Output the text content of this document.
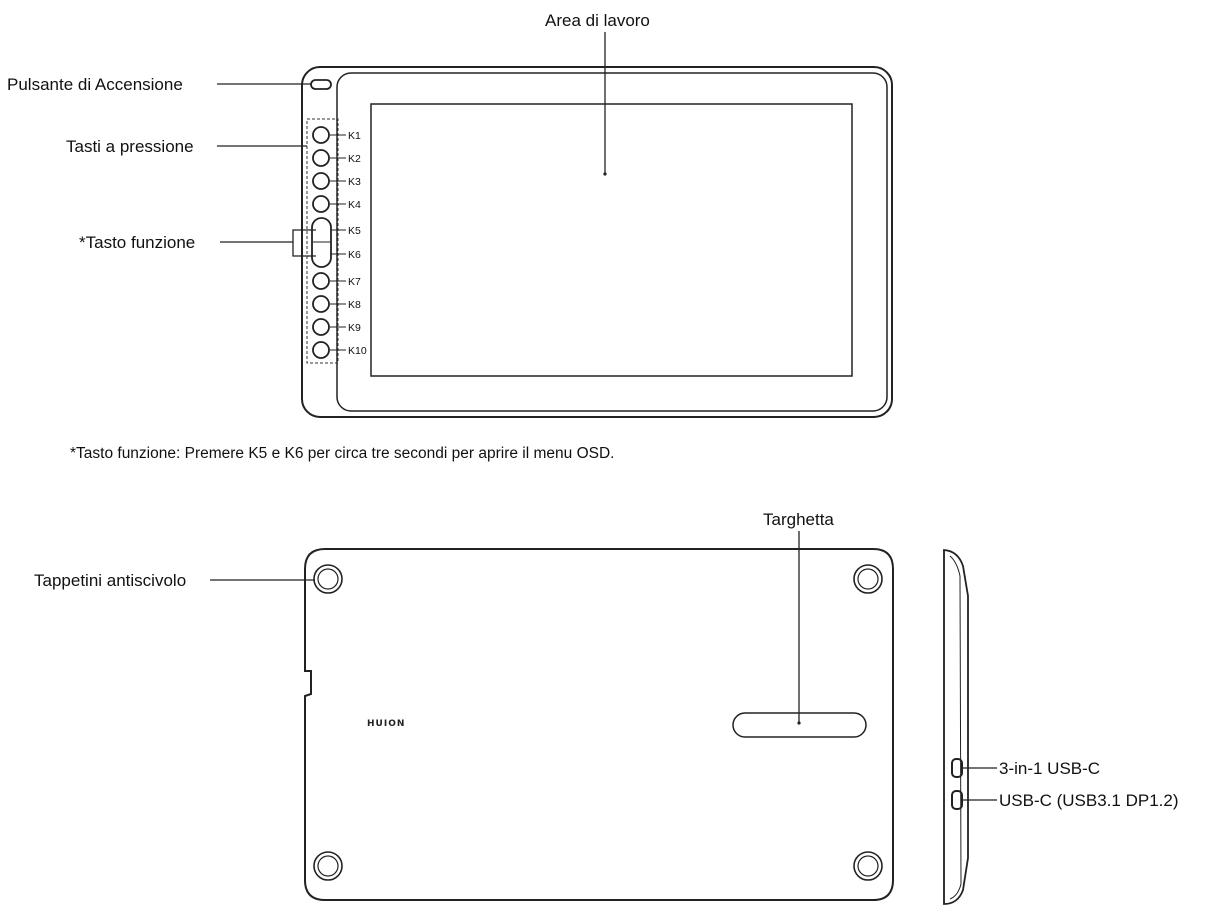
K1
K2
K3
K4
K5
K6
K7
K8
K9
K10
Area di lavoro
Pulsante di Accensione
Tasti a pressione
*Tasto funzione
*Tasto funzione: Premere K5 e K6 per circa tre secondi per aprire il menu OSD.
HUION
Targhetta
Tappetini antiscivolo
3-in-1 USB-C
USB-C (USB3.1 DP1.2)
